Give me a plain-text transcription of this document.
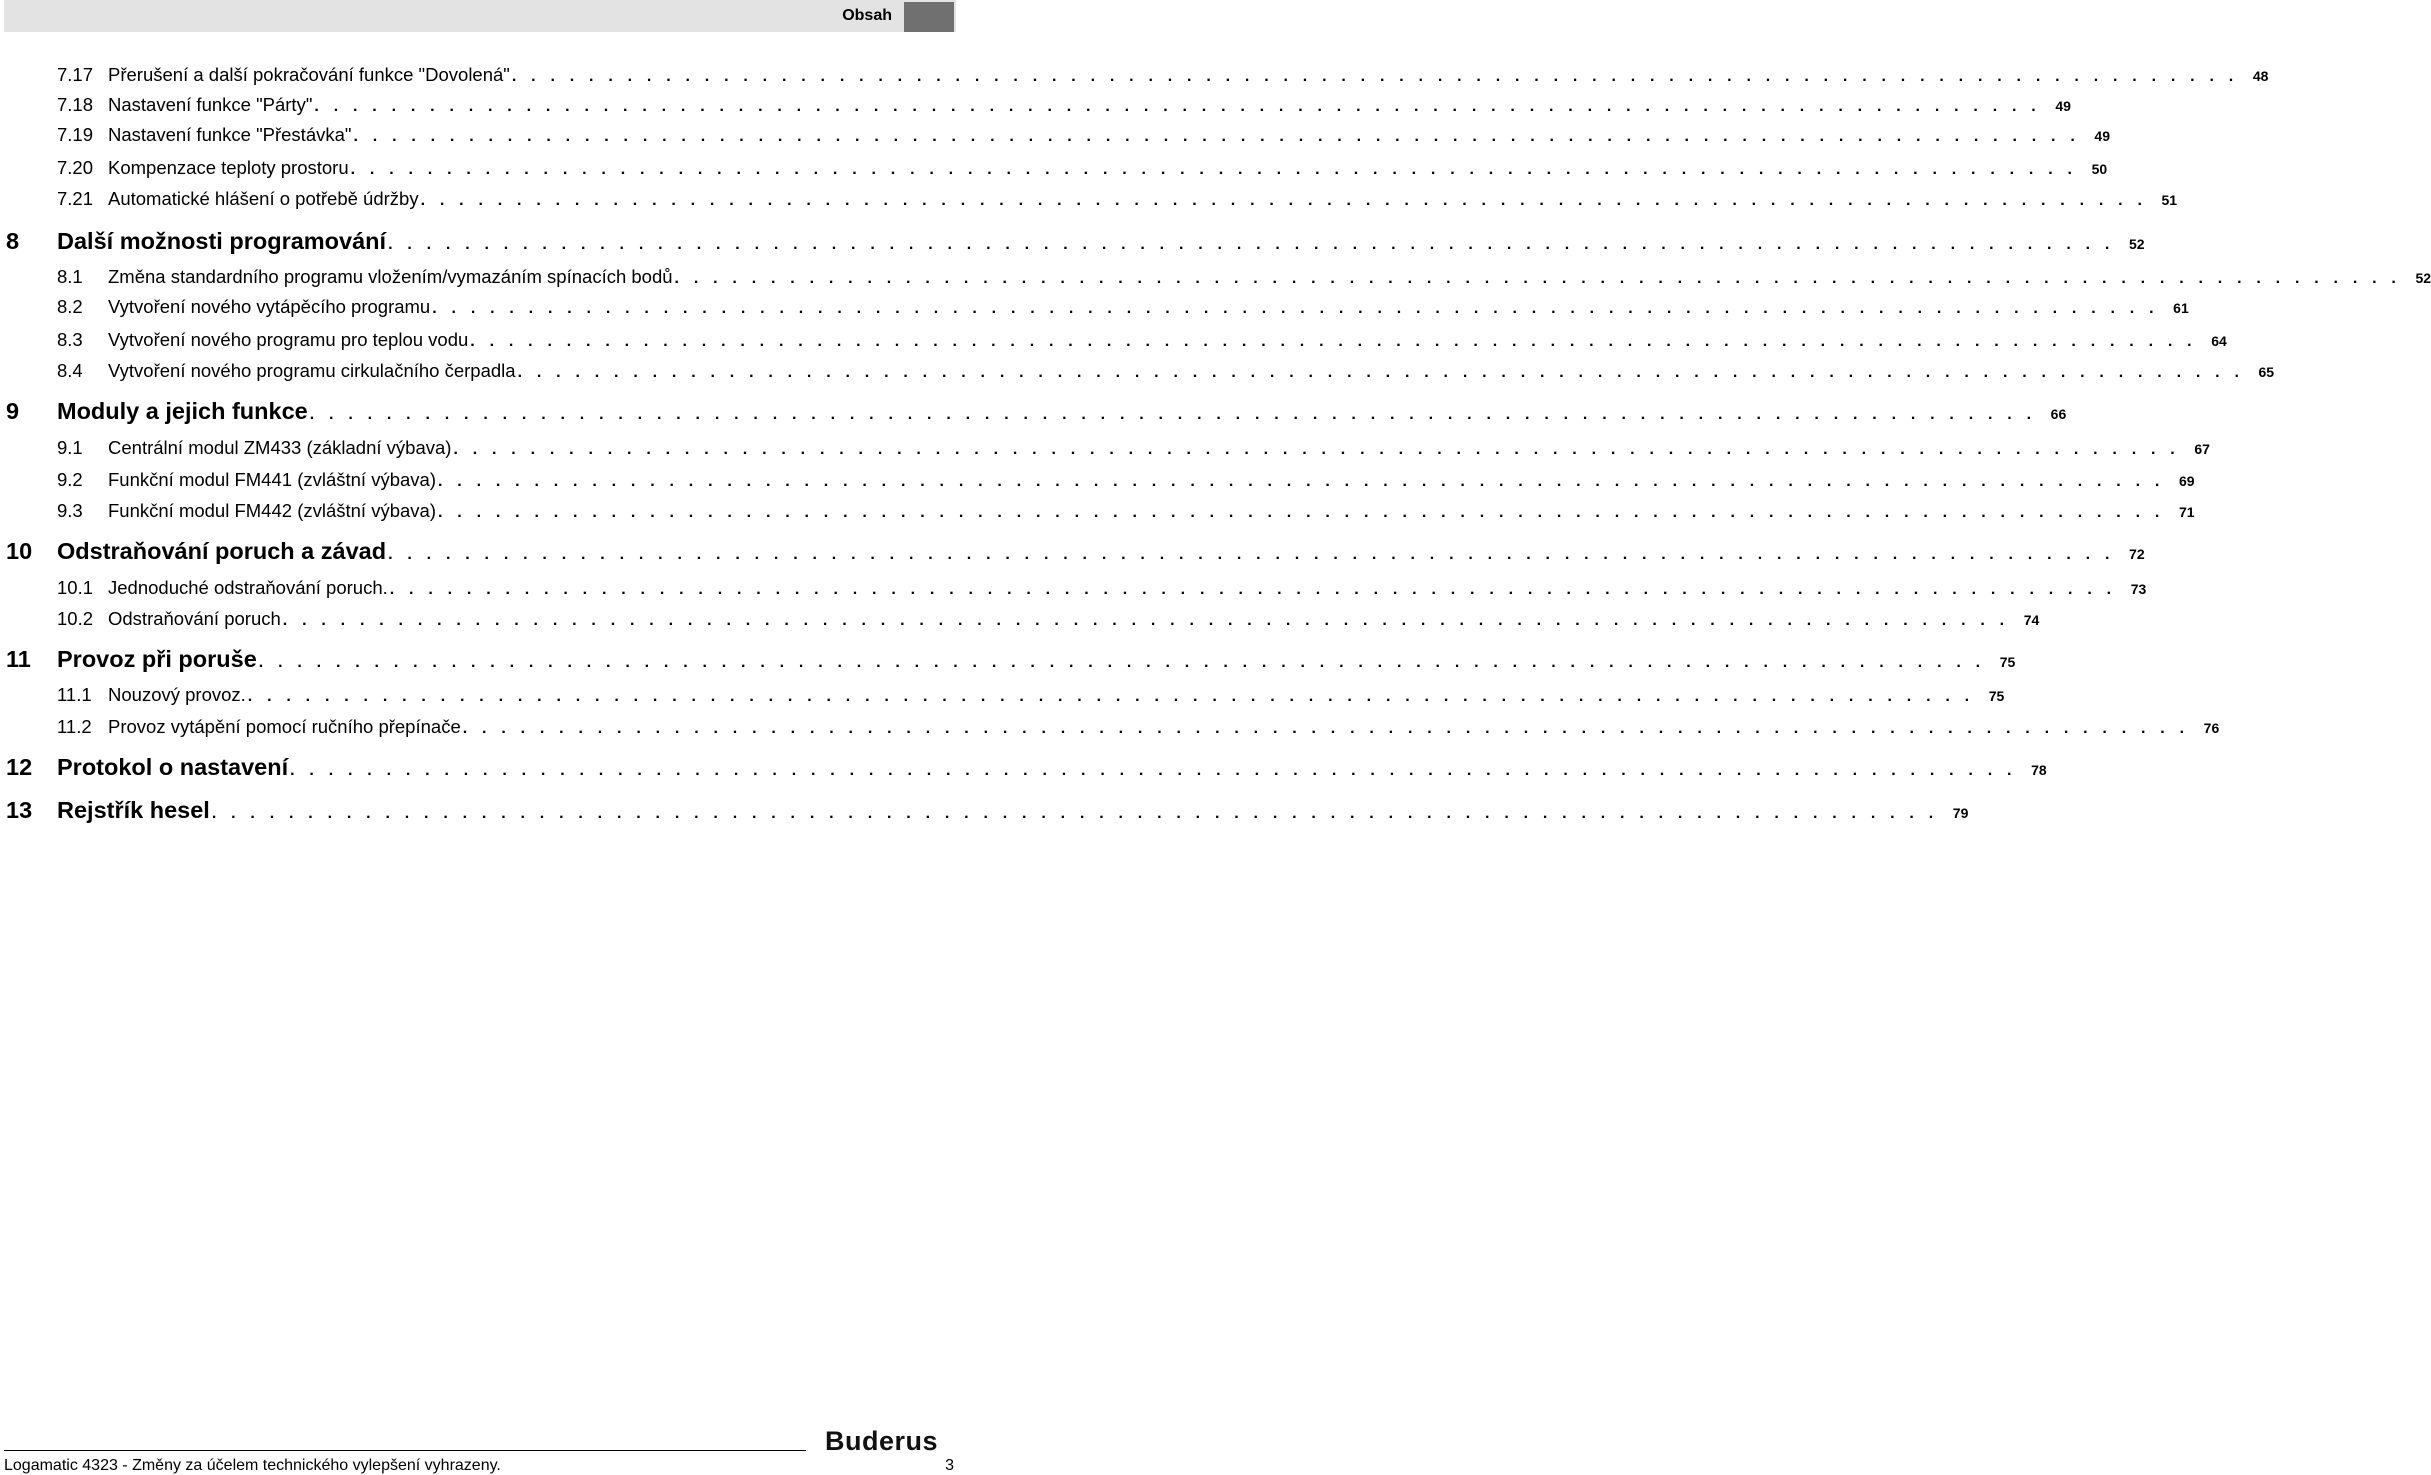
Obsah
7.17 Přerušení a další pokračování funkce "Dovolená" . . . . . . . . . . . . . . . . . . . . . . . . . . . . . . . . . . . . . . . . . . . . . . . . . . . . . . . . . . . . . . . . . . . . . . . . . . . . . . . . . . . . . . . . . .	48
7.18 Nastavení funkce "Párty" . . . . . . . . . . . . . . . . . . . . . . . . . . . . . . . . . . . . . . . . . . . . . . . . . . . . . . . . . . . . . . . . . . . . . . . . . . . . . . . . . . . . . . . . . .	49
7.19 Nastavení funkce "Přestávka" . . . . . . . . . . . . . . . . . . . . . . . . . . . . . . . . . . . . . . . . . . . . . . . . . . . . . . . . . . . . . . . . . . . . . . . . . . . . . . . . . . . . . . . . . .	49
7.20 Kompenzace teploty prostoru . . . . . . . . . . . . . . . . . . . . . . . . . . . . . . . . . . . . . . . . . . . . . . . . . . . . . . . . . . . . . . . . . . . . . . . . . . . . . . . . . . . . . . . . . .	50
7.21 Automatické hlášení o potřebě údržby . . . . . . . . . . . . . . . . . . . . . . . . . . . . . . . . . . . . . . . . . . . . . . . . . . . . . . . . . . . . . . . . . . . . . . . . . . . . . . . . . . . . . . . . . .	51
8	Další možnosti programování . . . . . . . . . . . . . . . . . . . . . . . . . . . . . . . . . . . . . . . . . . . . . . . . . . . . . . . . . . . . . . . . . . . . . . . . . . . . . . . . . . . . . . . . . .	52
8.1	Změna standardního programu vložením/vymazáním spínacích bodů . . . . . . . . . . . . . . . . . . . . . . . . . . . . . . . . . . . . . . . . . . . . . . . . . . . . . . . . . . . . . . . . . . . . . . . . . . . . . . . . . . . . . . . . . .	52
8.2	Vytvoření nového vytápěcího programu . . . . . . . . . . . . . . . . . . . . . . . . . . . . . . . . . . . . . . . . . . . . . . . . . . . . . . . . . . . . . . . . . . . . . . . . . . . . . . . . . . . . . . . . . .	61
8.3	Vytvoření nového programu pro teplou vodu . . . . . . . . . . . . . . . . . . . . . . . . . . . . . . . . . . . . . . . . . . . . . . . . . . . . . . . . . . . . . . . . . . . . . . . . . . . . . . . . . . . . . . . . . .	64
8.4	Vytvoření nového programu cirkulačního čerpadla . . . . . . . . . . . . . . . . . . . . . . . . . . . . . . . . . . . . . . . . . . . . . . . . . . . . . . . . . . . . . . . . . . . . . . . . . . . . . . . . . . . . . . . . . .	65
9	Moduly a jejich funkce . . . . . . . . . . . . . . . . . . . . . . . . . . . . . . . . . . . . . . . . . . . . . . . . . . . . . . . . . . . . . . . . . . . . . . . . . . . . . . . . . . . . . . . . . .	66
9.1	Centrální modul ZM433 (základní výbava) . . . . . . . . . . . . . . . . . . . . . . . . . . . . . . . . . . . . . . . . . . . . . . . . . . . . . . . . . . . . . . . . . . . . . . . . . . . . . . . . . . . . . . . . . .	67
9.2	Funkční modul FM441 (zvláštní výbava) . . . . . . . . . . . . . . . . . . . . . . . . . . . . . . . . . . . . . . . . . . . . . . . . . . . . . . . . . . . . . . . . . . . . . . . . . . . . . . . . . . . . . . . . . .	69
9.3	Funkční modul FM442 (zvláštní výbava) . . . . . . . . . . . . . . . . . . . . . . . . . . . . . . . . . . . . . . . . . . . . . . . . . . . . . . . . . . . . . . . . . . . . . . . . . . . . . . . . . . . . . . . . . .	71
10	Odstraňování poruch a závad . . . . . . . . . . . . . . . . . . . . . . . . . . . . . . . . . . . . . . . . . . . . . . . . . . . . . . . . . . . . . . . . . . . . . . . . . . . . . . . . . . . . . . . . . .	72
10.1 Jednoduché odstraňování poruch. . . . . . . . . . . . . . . . . . . . . . . . . . . . . . . . . . . . . . . . . . . . . . . . . . . . . . . . . . . . . . . . . . . . . . . . . . . . . . . . . . . . . . . . . . .	73
10.2 Odstraňování poruch . . . . . . . . . . . . . . . . . . . . . . . . . . . . . . . . . . . . . . . . . . . . . . . . . . . . . . . . . . . . . . . . . . . . . . . . . . . . . . . . . . . . . . . . . .	74
11	Provoz při poruše . . . . . . . . . . . . . . . . . . . . . . . . . . . . . . . . . . . . . . . . . . . . . . . . . . . . . . . . . . . . . . . . . . . . . . . . . . . . . . . . . . . . . . . . . .	75
11.1 Nouzový provoz. . . . . . . . . . . . . . . . . . . . . . . . . . . . . . . . . . . . . . . . . . . . . . . . . . . . . . . . . . . . . . . . . . . . . . . . . . . . . . . . . . . . . . . . . . .	75
11.2 Provoz vytápění pomocí ručního přepínače . . . . . . . . . . . . . . . . . . . . . . . . . . . . . . . . . . . . . . . . . . . . . . . . . . . . . . . . . . . . . . . . . . . . . . . . . . . . . . . . . . . . . . . . . .	76
12	Protokol o nastavení . . . . . . . . . . . . . . . . . . . . . . . . . . . . . . . . . . . . . . . . . . . . . . . . . . . . . . . . . . . . . . . . . . . . . . . . . . . . . . . . . . . . . . . . . .	78
13	Rejstřík hesel . . . . . . . . . . . . . . . . . . . . . . . . . . . . . . . . . . . . . . . . . . . . . . . . . . . . . . . . . . . . . . . . . . . . . . . . . . . . . . . . . . . . . . . . . .	79
Buderus
Logamatic 4323 - Změny za účelem technického vylepšení vyhrazeny.	3
